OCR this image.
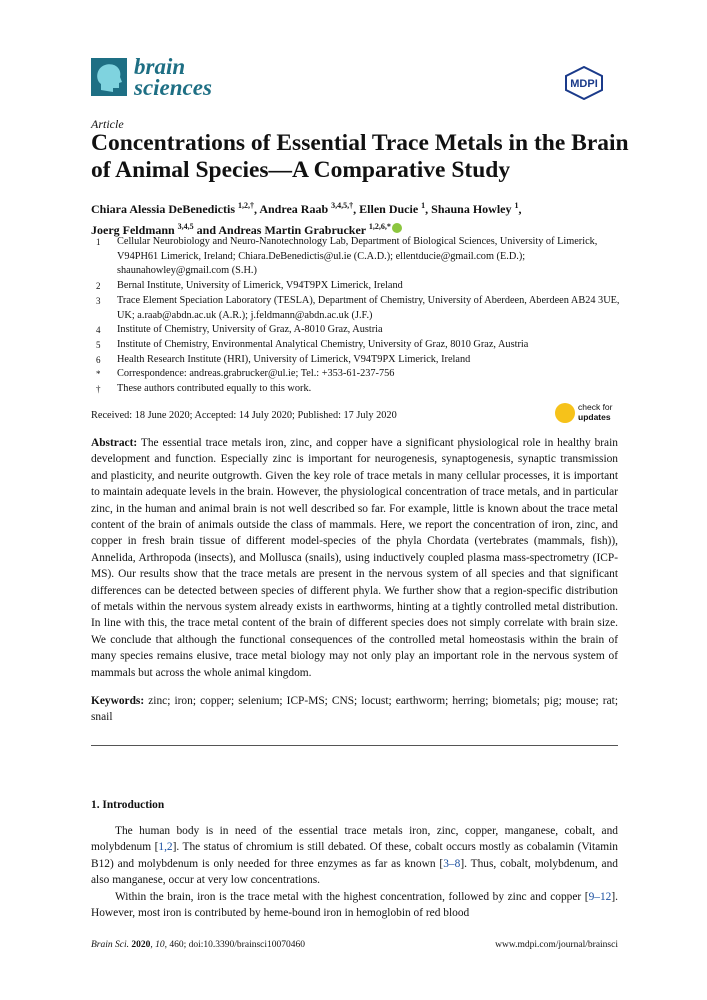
brain
sciences	MDPI
Article
Concentrations of Essential Trace Metals in the Brain of Animal Species—A Comparative Study
Chiara Alessia DeBenedictis $^{1,2,\dagger}$, Andrea Raab $^{3,4,5,\dagger}$, Ellen Ducie $^1$, Shauna Howley $^1$,
Joerg Feldmann $^{3,4,5}$ and Andreas Martin Grabrucker $^{1,2,6,*}$
1	Cellular Neurobiology and Neuro-Nanotechnology Lab, Department of Biological Sciences, University of Limerick, V94PH61 Limerick, Ireland; Chiara.DeBenedictis@ul.ie (C.A.D.); ellentducie@gmail.com (E.D.); shaunahowley@gmail.com (S.H.)
2	Bernal Institute, University of Limerick, V94T9PX Limerick, Ireland
3	Trace Element Speciation Laboratory (TESLA), Department of Chemistry, University of Aberdeen, Aberdeen AB24 3UE, UK; a.raab@abdn.ac.uk (A.R.); j.feldmann@abdn.ac.uk (J.F.)
4	Institute of Chemistry, University of Graz, A-8010 Graz, Austria
5	Institute of Chemistry, Environmental Analytical Chemistry, University of Graz, 8010 Graz, Austria
6	Health Research Institute (HRI), University of Limerick, V94T9PX Limerick, Ireland
*	Correspondence: andreas.grabrucker@ul.ie; Tel.: +353-61-237-756
†	These authors contributed equally to this work.
Received: 18 June 2020; Accepted: 14 July 2020; Published: 17 July 2020
check for
updates
Abstract: The essential trace metals iron, zinc, and copper have a significant physiological role in healthy brain development and function. Especially zinc is important for neurogenesis, synaptogenesis, synaptic transmission and plasticity, and neurite outgrowth. Given the key role of trace metals in many cellular processes, it is important to maintain adequate levels in the brain. However, the physiological concentration of trace metals, and in particular zinc, in the human and animal brain is not well described so far. For example, little is known about the trace metal content of the brain of animals outside the class of mammals. Here, we report the concentration of iron, zinc, and copper in fresh brain tissue of different model-species of the phyla Chordata (vertebrates (mammals, fish)), Annelida, Arthropoda (insects), and Mollusca (snails), using inductively coupled plasma mass-spectrometry (ICP-MS). Our results show that the trace metals are present in the nervous system of all species and that significant differences can be detected between species of different phyla. We further show that a region-specific distribution of metals within the nervous system already exists in earthworms, hinting at a tightly controlled metal distribution. In line with this, the trace metal content of the brain of different species does not simply correlate with brain size. We conclude that although the functional consequences of the controlled metal homeostasis within the brain of many species remains elusive, trace metal biology may not only play an important role in the nervous system of mammals but across the whole animal kingdom.
Keywords: zinc; iron; copper; selenium; ICP-MS; CNS; locust; earthworm; herring; biometals; pig; mouse; rat; snail
1. Introduction

The human body is in need of the essential trace metals iron, zinc, copper, manganese, cobalt, and molybdenum [1,2]. The status of chromium is still debated. Of these, cobalt occurs mostly as cobalamin (Vitamin B12) and molybdenum is only needed for three enzymes as far as known [3–8]. Thus, cobalt, molybdenum, and also manganese, occur at very low concentrations.

Within the brain, iron is the trace metal with the highest concentration, followed by zinc and copper [9–12]. However, most iron is contributed by heme-bound iron in hemoglobin of red blood

Brain Sci. 2020, 10, 460; doi:10.3390/brainsci10070460	www.mdpi.com/journal/brainsci
